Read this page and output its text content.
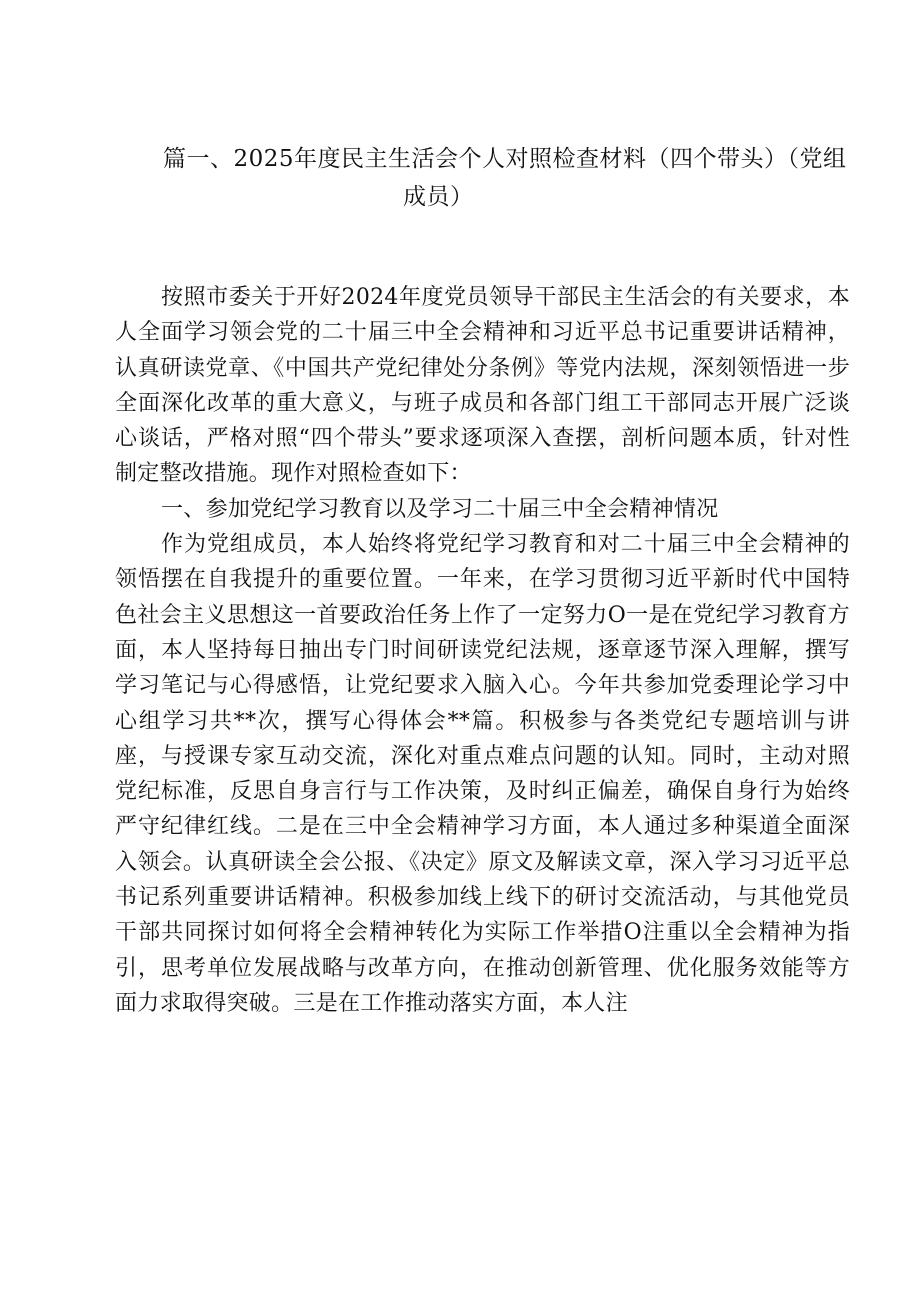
篇一、2025年度民主生活会个人对照检查材料（四个带头）（党组
成员）

按照市委关于开好2024年度党员领导干部民主生活会的有关要求，本人全面学习领会党的二十届三中全会精神和习近平总书记重要讲话精神，认真研读党章、《中国共产党纪律处分条例》等党内法规，深刻领悟进一步全面深化改革的重大意义，与班子成员和各部门组工干部同志开展广泛谈心谈话，严格对照“四个带头”要求逐项深入查摆，剖析问题本质，针对性制定整改措施。现作对照检查如下：

一、参加党纪学习教育以及学习二十届三中全会精神情况

作为党组成员，本人始终将党纪学习教育和对二十届三中全会精神的领悟摆在自我提升的重要位置。一年来，在学习贯彻习近平新时代中国特色社会主义思想这一首要政治任务上作了一定努力O一是在党纪学习教育方面，本人坚持每日抽出专门时间研读党纪法规，逐章逐节深入理解，撰写学习笔记与心得感悟，让党纪要求入脑入心。今年共参加党委理论学习中心组学习共**次，撰写心得体会**篇。积极参与各类党纪专题培训与讲座，与授课专家互动交流，深化对重点难点问题的认知。同时，主动对照党纪标准，反思自身言行与工作决策，及时纠正偏差，确保自身行为始终严守纪律红线。二是在三中全会精神学习方面，本人通过多种渠道全面深入领会。认真研读全会公报、《决定》原文及解读文章，深入学习习近平总书记系列重要讲话精神。积极参加线上线下的研讨交流活动，与其他党员干部共同探讨如何将全会精神转化为实际工作举措O注重以全会精神为指引，思考单位发展战略与改革方向，在推动创新管理、优化服务效能等方面力求取得突破。三是在工作推动落实方面，本人注
